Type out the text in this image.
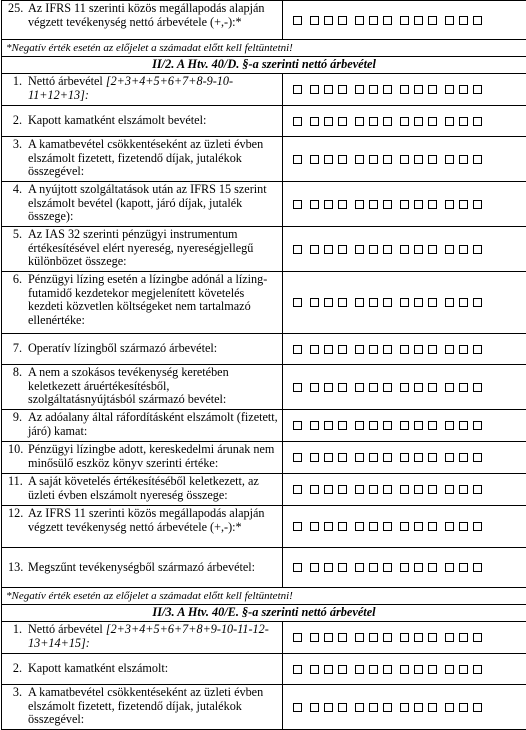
25. Az IFRS 11 szerinti közös megállapodás alapján végzett tevékenység nettó árbevétele (+,-):*
*Negatív érték esetén az előjelet a számadat előtt kell feltüntetni!
II/2. A Htv. 40/D. §-a szerinti nettó árbevétel
1. Nettó árbevétel [2+3+4+5+6+7+8-9-10-11+12+13]:
2. Kapott kamatként elszámolt bevétel:
3. A kamatbevétel csökkentéseként az üzleti évben elszámolt fizetett, fizetendő díjak, jutalékok összegével:
4. A nyújtott szolgáltatások után az IFRS 15 szerint elszámolt bevétel (kapott, járó díjak, jutalék összege):
5. Az IAS 32 szerinti pénzügyi instrumentum értékesítésével elért nyereség, nyereségjellegű különbözet összege:
6. Pénzügyi lízing esetén a lízingbe adónál a lízing-futamidő kezdetekor megjelenített követelés kezdeti közvetlen költségeket nem tartalmazó ellenértéke:
7. Operatív lízingből származó árbevétel:
8. A nem a szokásos tevékenység keretében keletkezett áruértékesítésből, szolgáltatásnyújtásból származó bevétel:
9. Az adóalany által ráfordításként elszámolt (fizetett, járó) kamat:
10. Pénzügyi lízingbe adott, kereskedelmi árunak nem minősülő eszköz könyv szerinti értéke:
11. A saját követelés értékesítéséből keletkezett, az üzleti évben elszámolt nyereség összege:
12. Az IFRS 11 szerinti közös megállapodás alapján végzett tevékenység nettó árbevétele (+,-):*
13. Megszűnt tevékenységből származó árbevétel:
*Negatív érték esetén az előjelet a számadat előtt kell feltüntetni!
II/3. A Htv. 40/E. §-a szerinti nettó árbevétel
1. Nettó árbevétel [2+3+4+5+6+7+8+9-10-11-12-13+14+15]:
2. Kapott kamatként elszámolt:
3. A kamatbevétel csökkentéseként az üzleti évben elszámolt fizetett, fizetendő díjak, jutalékok összegével:
